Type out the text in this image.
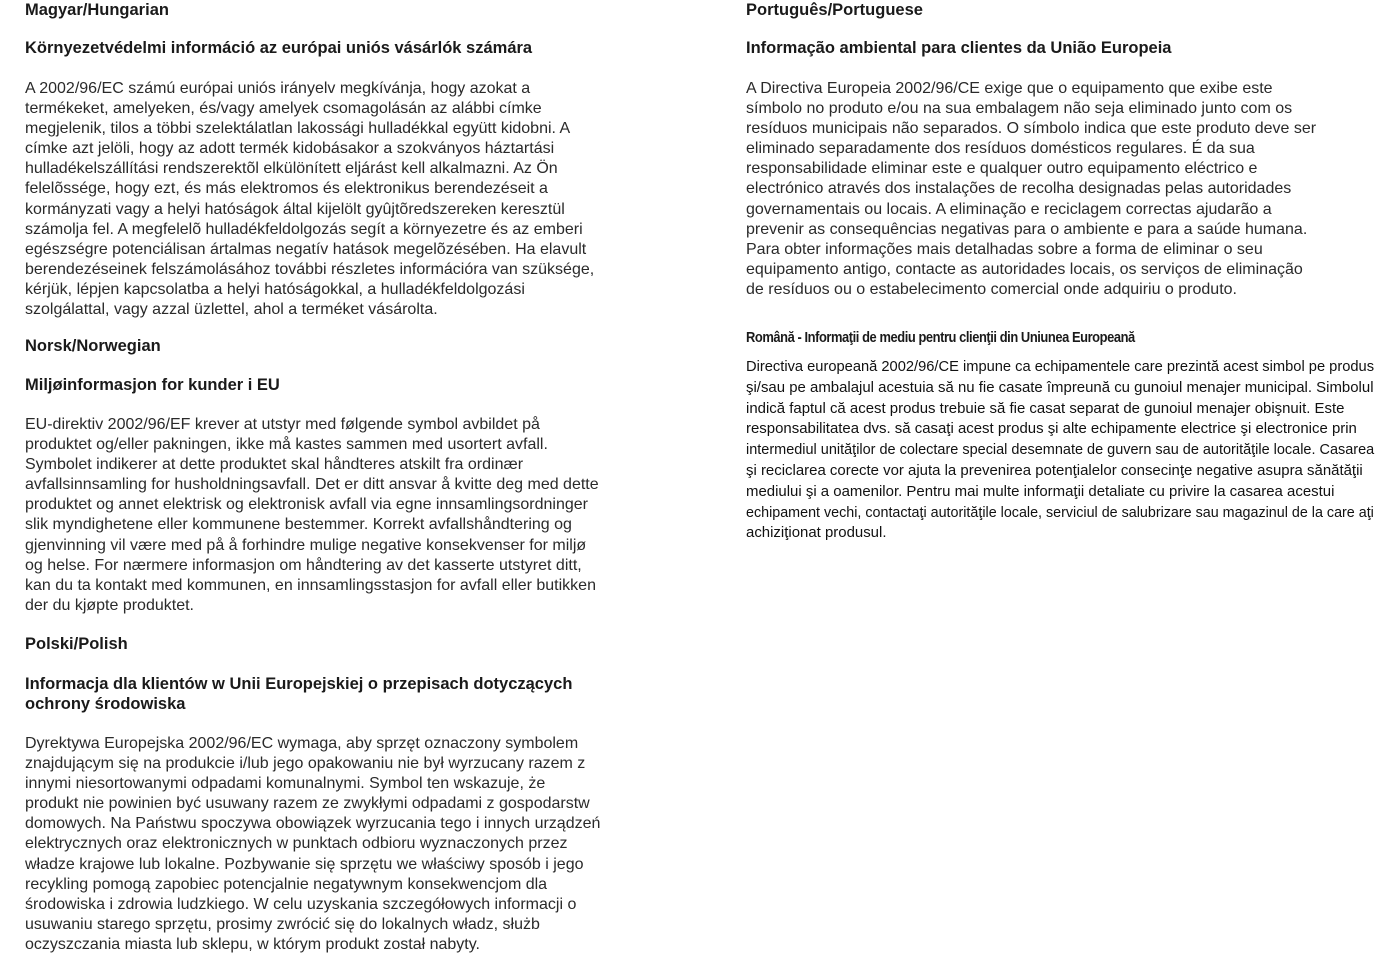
Magyar/Hungarian

Környezetvédelmi információ az európai uniós vásárlók számára

A 2002/96/EC számú európai uniós irányelv megkívánja, hogy azokat a
termékeket, amelyeken, és/vagy amelyek csomagolásán az alábbi címke
megjelenik, tilos a többi szelektálatlan lakossági hulladékkal együtt kidobni. A
címke azt jelöli, hogy az adott termék kidobásakor a szokványos háztartási
hulladékelszállítási rendszerektõl elkülönített eljárást kell alkalmazni. Az Ön
felelõssége, hogy ezt, és más elektromos és elektronikus berendezéseit a
kormányzati vagy a helyi hatóságok által kijelölt gyûjtõredszereken keresztül
számolja fel. A megfelelõ hulladékfeldolgozás segít a környezetre és az emberi
egészségre potenciálisan ártalmas negatív hatások megelõzésében. Ha elavult
berendezéseinek felszámolásához további részletes információra van szüksége,
kérjük, lépjen kapcsolatba a helyi hatóságokkal, a hulladékfeldolgozási
szolgálattal, vagy azzal üzlettel, ahol a terméket vásárolta.

Norsk/Norwegian

Miljøinformasjon for kunder i EU

EU-direktiv 2002/96/EF krever at utstyr med følgende symbol avbildet på
produktet og/eller pakningen, ikke må kastes sammen med usortert avfall.
Symbolet indikerer at dette produktet skal håndteres atskilt fra ordinær
avfallsinnsamling for husholdningsavfall. Det er ditt ansvar å kvitte deg med dette
produktet og annet elektrisk og elektronisk avfall via egne innsamlingsordninger
slik myndighetene eller kommunene bestemmer. Korrekt avfallshåndtering og
gjenvinning vil være med på å forhindre mulige negative konsekvenser for miljø
og helse. For nærmere informasjon om håndtering av det kasserte utstyret ditt,
kan du ta kontakt med kommunen, en innsamlingsstasjon for avfall eller butikken
der du kjøpte produktet.

Polski/Polish

Informacja dla klientów w Unii Europejskiej o przepisach dotyczących

ochrony środowiska

Dyrektywa Europejska 2002/96/EC wymaga, aby sprzęt oznaczony symbolem
znajdującym się na produkcie i/lub jego opakowaniu nie był wyrzucany razem z
innymi niesortowanymi odpadami komunalnymi. Symbol ten wskazuje, że
produkt nie powinien być usuwany razem ze zwykłymi odpadami z gospodarstw
domowych. Na Państwu spoczywa obowiązek wyrzucania tego i innych urządzeń
elektrycznych oraz elektronicznych w punktach odbioru wyznaczonych przez
władze krajowe lub lokalne. Pozbywanie się sprzętu we właściwy sposób i jego
recykling pomogą zapobiec potencjalnie negatywnym konsekwencjom dla
środowiska i zdrowia ludzkiego. W celu uzyskania szczegółowych informacji o
usuwaniu starego sprzętu, prosimy zwrócić się do lokalnych władz, służb
oczyszczania miasta lub sklepu, w którym produkt został nabyty.

Português/Portuguese

Informação ambiental para clientes da União Europeia

A Directiva Europeia 2002/96/CE exige que o equipamento que exibe este
símbolo no produto e/ou na sua embalagem não seja eliminado junto com os
resíduos municipais não separados. O símbolo indica que este produto deve ser
eliminado separadamente dos resíduos domésticos regulares. É da sua
responsabilidade eliminar este e qualquer outro equipamento eléctrico e
electrónico através dos instalações de recolha designadas pelas autoridades
governamentais ou locais. A eliminação e reciclagem correctas ajudarão a
prevenir as consequências negativas para o ambiente e para a saúde humana.
Para obter informações mais detalhadas sobre a forma de eliminar o seu
equipamento antigo, contacte as autoridades locais, os serviços de eliminação
de resíduos ou o estabelecimento comercial onde adquiriu o produto.

Română - Informaţii de mediu pentru clienţii din Uniunea Europeană

Directiva europeană 2002/96/CE impune ca echipamentele care prezintă acest simbol pe produs
şi/sau pe ambalajul acestuia să nu fie casate împreună cu gunoiul menajer municipal. Simbolul
indică faptul că acest produs trebuie să fie casat separat de gunoiul menajer obişnuit. Este
responsabilitatea dvs. să casaţi acest produs şi alte echipamente electrice şi electronice prin
intermediul unităţilor de colectare special desemnate de guvern sau de autorităţile locale. Casarea
şi reciclarea corecte vor ajuta la prevenirea potenţialelor consecinţe negative asupra sănătăţii
mediului şi a oamenilor. Pentru mai multe informaţii detaliate cu privire la casarea acestui
echipament vechi, contactaţi autorităţile locale, serviciul de salubrizare sau magazinul de la care aţi
achiziţionat produsul.
